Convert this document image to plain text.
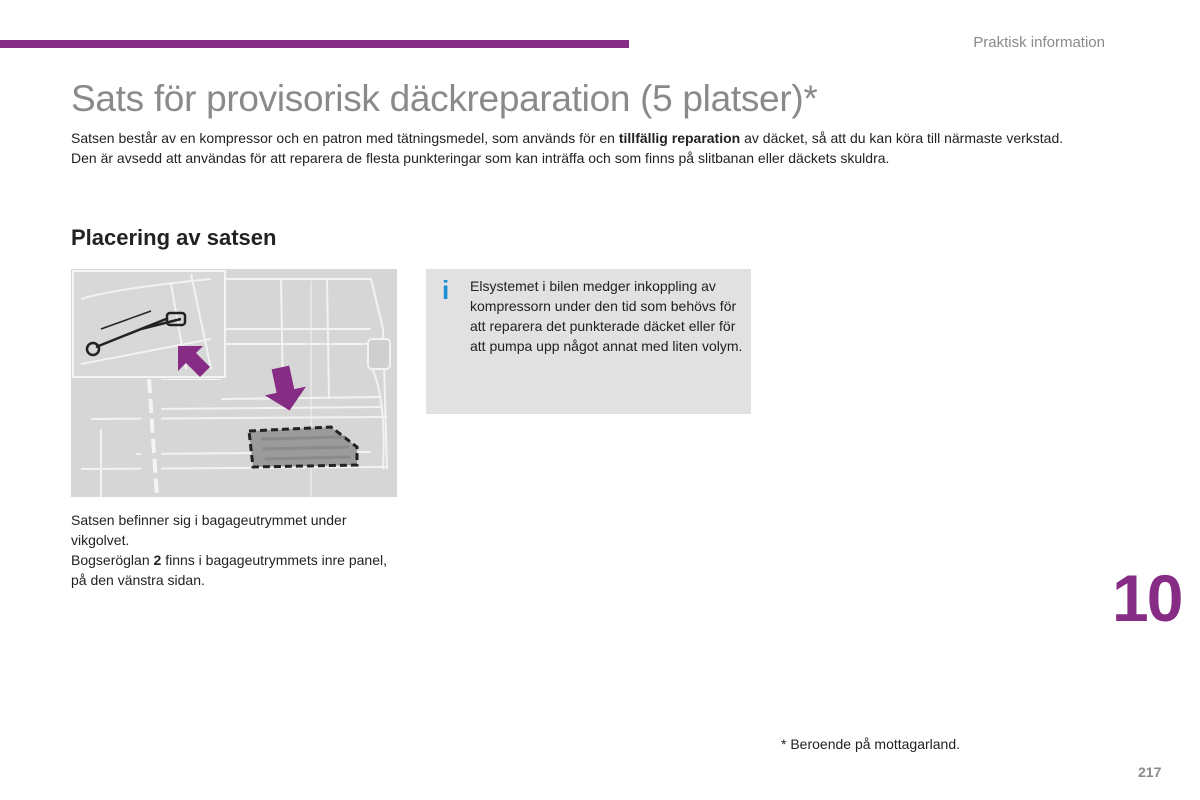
Praktisk information
Sats för provisorisk däckreparation (5 platser)*

Satsen består av en kompressor och en patron med tätningsmedel, som används för en tillfällig reparation av däcket, så att du kan köra till närmaste verkstad.

Den är avsedd att användas för att reparera de flesta punkteringar som kan inträffa och som finns på slitbanan eller däckets skuldra.

Placering av satsen
i Elsystemet i bilen medger inkoppling av kompressorn under den tid som behövs för att reparera det punkterade däcket eller för att pumpa upp något annat med liten volym.

Satsen befinner sig i bagageutrymmet under vikgolvet.

Bogseröglan 2 finns i bagageutrymmets inre panel, på den vänstra sidan.	10
* Beroende på mottagarland.
217
